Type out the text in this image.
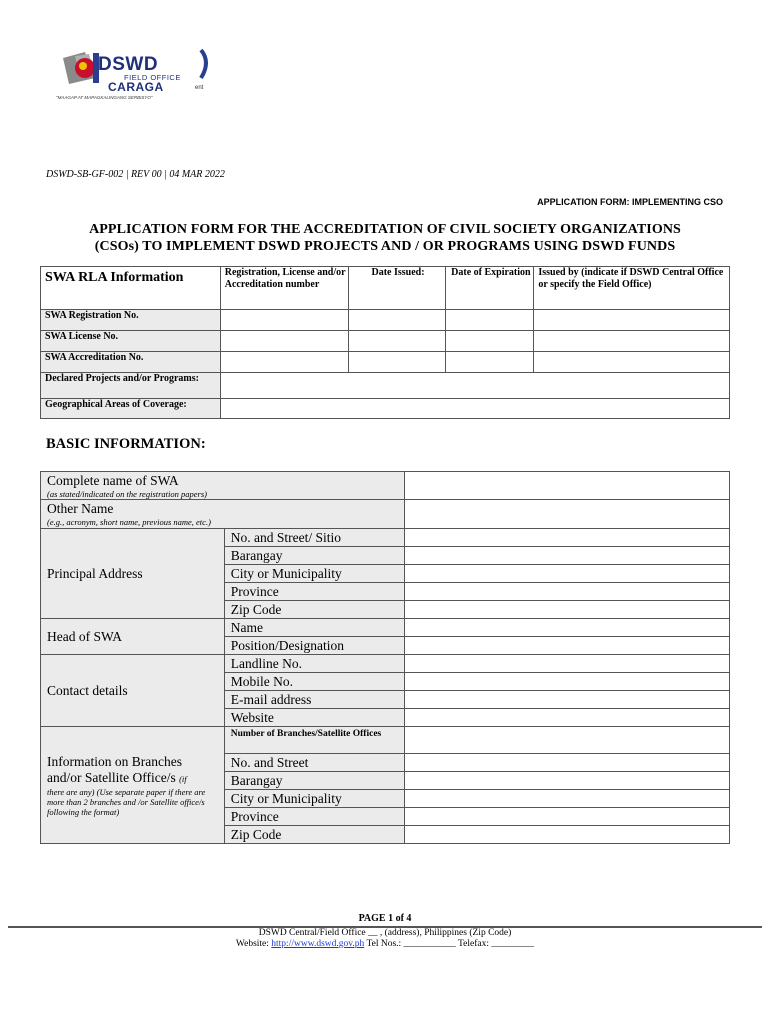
DSWD
FIELD OFFICE
CARAGA
"MAAGAP AT MAPAGKALINGANG SERBISYO"
ent
DSWD-SB-GF-002 | REV 00 | 04 MAR 2022
APPLICATION FORM: IMPLEMENTING CSO
APPLICATION FORM FOR THE ACCREDITATION OF CIVIL SOCIETY ORGANIZATIONS
(CSOs) TO IMPLEMENT DSWD PROJECTS AND / OR PROGRAMS USING DSWD FUNDS
SWA RLA Information	Registration, License and/or Accreditation number	Date Issued:	Date of Expiration	Issued by (indicate if DSWD Central Office or specify the Field Office)
SWA Registration No.				
SWA License No.				
SWA Accreditation No.				
Declared Projects and/or Programs:				
Geographical Areas of Coverage:				
BASIC INFORMATION:
Complete name of SWA
(as stated/indicated on the registration papers)		

Other Name
(e.g., acronym, short name, previous name, etc.)		

Principal Address	No. and Street/ Sitio	
	Barangay	
	City or Municipality	
	Province	
	Zip Code	
Head of SWA	Name	
	Position/Designation	
Contact details	Landline No.	
	Mobile No.	
	E-mail address	
	Website	
Information on Branches and/or Satellite Office/s (if
there are any) (Use separate paper if there are more than 2 branches and /or Satellite office/s following the format)	Number of Branches/Satellite Offices	
	No. and Street	
	Barangay	
	City or Municipality	
	Province	
	Zip Code	
PAGE 1 of 4
DSWD Central/Field Office __ , (address), Philippines (Zip Code)
Website: http://www.dswd.gov.ph Tel Nos.: ___________ Telefax: _________
